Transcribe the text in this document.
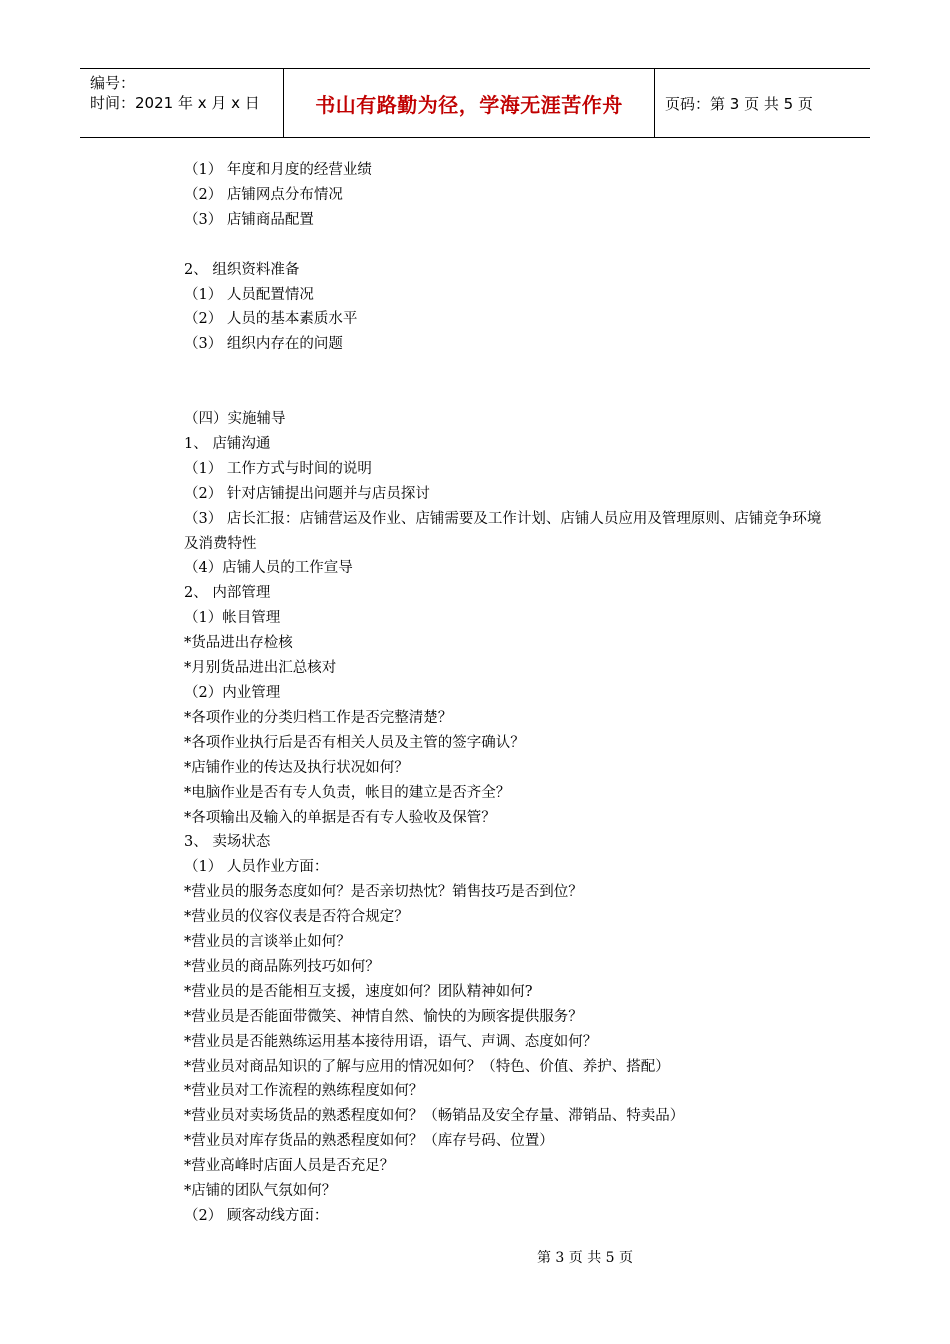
编号：
时间：2021 年 x 月 x 日	书山有路勤为径，学海无涯苦作舟	页码：第 3 页 共 5 页
（1） 年度和月度的经营业绩
（2） 店铺网点分布情况
（3） 店铺商品配置
2、 组织资料准备
（1） 人员配置情况
（2） 人员的基本素质水平
（3） 组织内存在的问题
（四）实施辅导
1、 店铺沟通
（1） 工作方式与时间的说明
（2） 针对店铺提出问题并与店员探讨
（3） 店长汇报：店铺营运及作业、店铺需要及工作计划、店铺人员应用及管理原则、店铺竞争环境及消费特性
（4）店铺人员的工作宣导
2、 内部管理
（1）帐目管理
*货品进出存检核
*月别货品进出汇总核对
（2）内业管理
*各项作业的分类归档工作是否完整清楚？
*各项作业执行后是否有相关人员及主管的签字确认？
*店铺作业的传达及执行状况如何？
*电脑作业是否有专人负责，帐目的建立是否齐全？
*各项输出及输入的单据是否有专人验收及保管？
3、 卖场状态
（1） 人员作业方面：
*营业员的服务态度如何？是否亲切热忱？销售技巧是否到位？
*营业员的仪容仪表是否符合规定？
*营业员的言谈举止如何？
*营业员的商品陈列技巧如何？
*营业员的是否能相互支援，速度如何？团队精神如何?
*营业员是否能面带微笑、神情自然、愉快的为顾客提供服务？
*营业员是否能熟练运用基本接待用语，语气、声调、态度如何？
*营业员对商品知识的了解与应用的情况如何？（特色、价值、养护、搭配）
*营业员对工作流程的熟练程度如何？
*营业员对卖场货品的熟悉程度如何？（畅销品及安全存量、滞销品、特卖品）
*营业员对库存货品的熟悉程度如何？（库存号码、位置）
*营业高峰时店面人员是否充足？
*店铺的团队气氛如何？
（2） 顾客动线方面：
第 3 页 共 5 页
